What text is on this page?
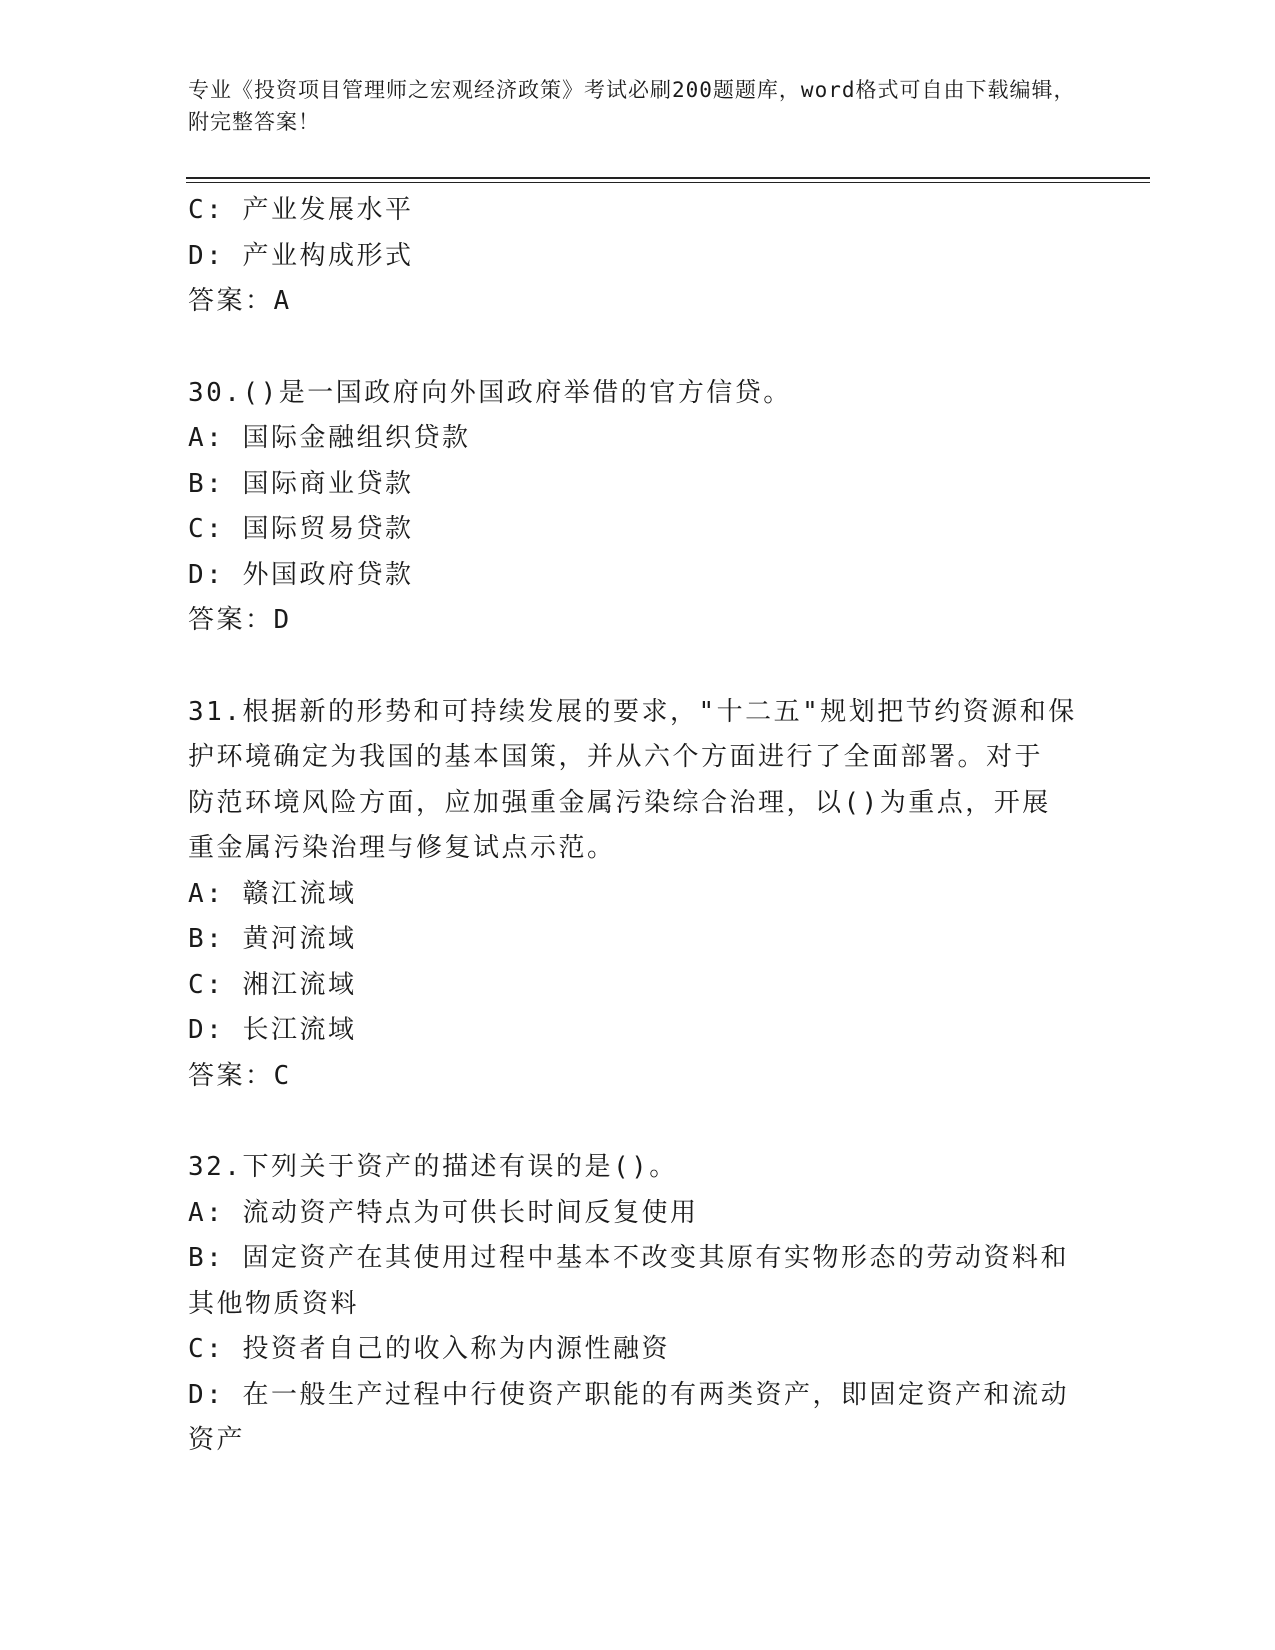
专业《投资项目管理师之宏观经济政策》考试必刷200题题库，word格式可自由下载编辑，附完整答案！
C: 产业发展水平
D: 产业构成形式
答案：A
30.()是一国政府向外国政府举借的官方信贷。
A: 国际金融组织贷款
B: 国际商业贷款
C: 国际贸易贷款
D: 外国政府贷款
答案：D
31.根据新的形势和可持续发展的要求，"十二五"规划把节约资源和保
护环境确定为我国的基本国策，并从六个方面进行了全面部署。对于
防范环境风险方面，应加强重金属污染综合治理，以()为重点，开展
重金属污染治理与修复试点示范。
A: 赣江流域
B: 黄河流域
C: 湘江流域
D: 长江流域
答案：C
32.下列关于资产的描述有误的是()。
A: 流动资产特点为可供长时间反复使用
B: 固定资产在其使用过程中基本不改变其原有实物形态的劳动资料和
其他物质资料
C: 投资者自己的收入称为内源性融资
D: 在一般生产过程中行使资产职能的有两类资产，即固定资产和流动
资产
